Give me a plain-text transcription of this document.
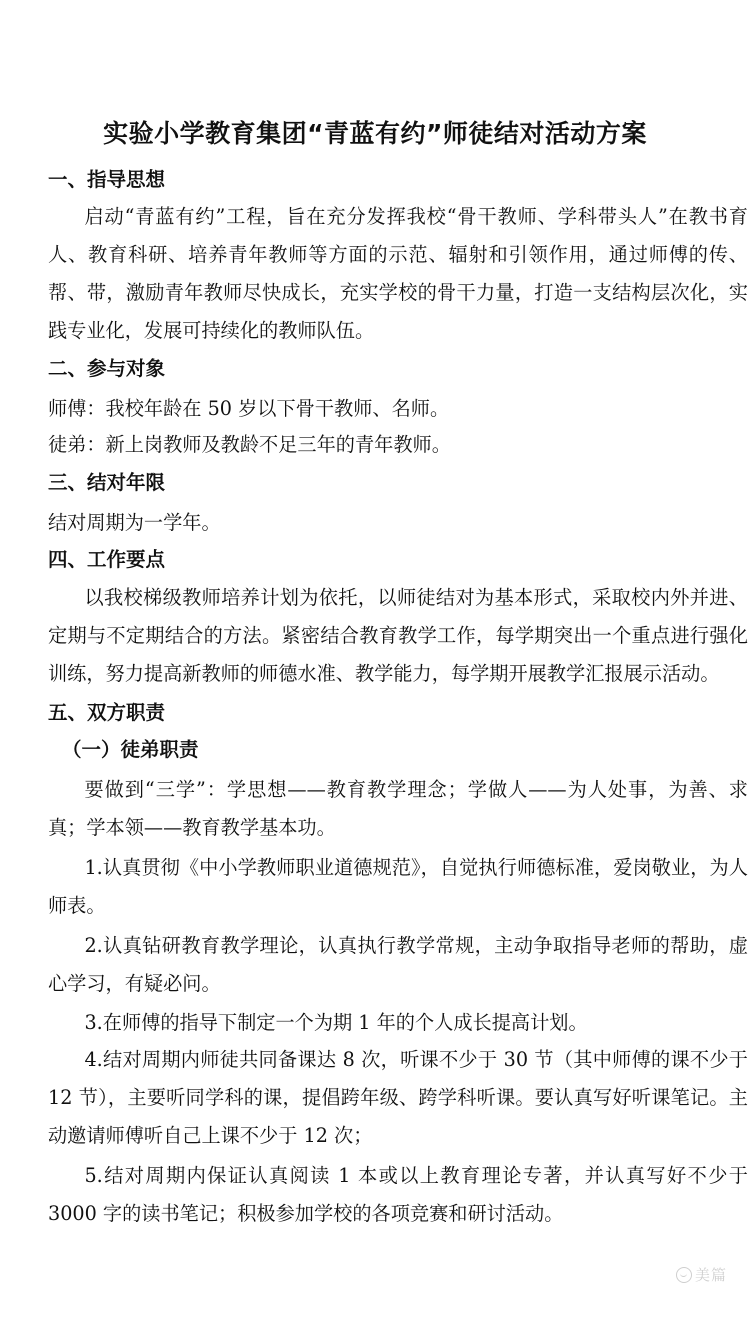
实验小学教育集团“青蓝有约”师徒结对活动方案
一、指导思想
启动“青蓝有约”工程，旨在充分发挥我校“骨干教师、学科带头人”在教书育人、教育科研、培养青年教师等方面的示范、辐射和引领作用，通过师傅的传、帮、带，激励青年教师尽快成长，充实学校的骨干力量，打造一支结构层次化，实践专业化，发展可持续化的教师队伍。
二、参与对象
师傅：我校年龄在 50 岁以下骨干教师、名师。
徒弟：新上岗教师及教龄不足三年的青年教师。
三、结对年限
结对周期为一学年。
四、工作要点
以我校梯级教师培养计划为依托，以师徒结对为基本形式，采取校内外并进、定期与不定期结合的方法。紧密结合教育教学工作，每学期突出一个重点进行强化训练，努力提高新教师的师德水准、教学能力，每学期开展教学汇报展示活动。
五、双方职责
（一）徒弟职责
要做到“三学”：学思想——教育教学理念；学做人——为人处事，为善、求真；学本领——教育教学基本功。
1.认真贯彻《中小学教师职业道德规范》，自觉执行师德标准，爱岗敬业，为人师表。
2.认真钻研教育教学理论，认真执行教学常规，主动争取指导老师的帮助，虚心学习，有疑必问。
3.在师傅的指导下制定一个为期 1 年的个人成长提高计划。
4.结对周期内师徒共同备课达 8 次，听课不少于 30 节（其中师傅的课不少于 12 节），主要听同学科的课，提倡跨年级、跨学科听课。要认真写好听课笔记。主动邀请师傅听自己上课不少于 12 次；
5.结对周期内保证认真阅读 1 本或以上教育理论专著，并认真写好不少于 3000 字的读书笔记；积极参加学校的各项竞赛和研讨活动。
美篇
